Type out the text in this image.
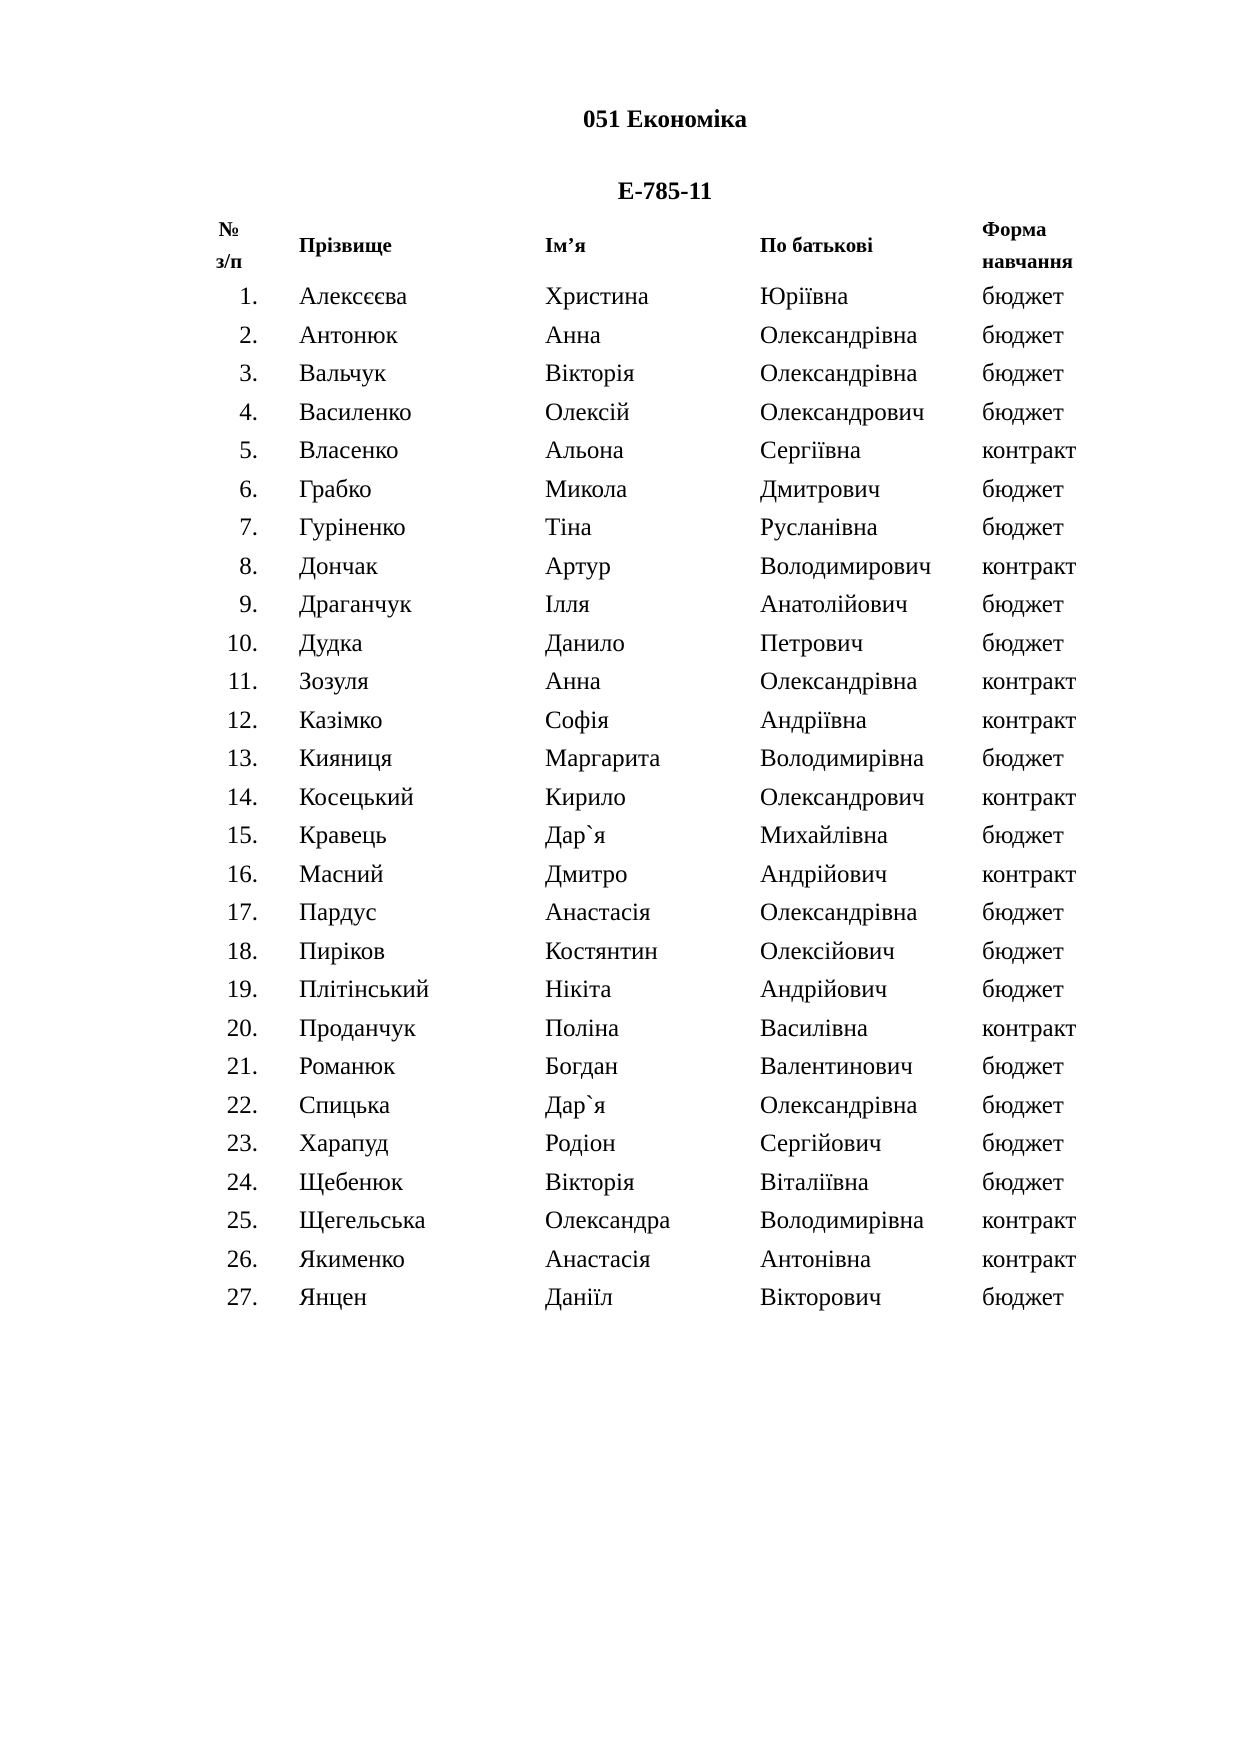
051 Економіка
Е-785-11
№
з/п	Прізвище	Ім’я	По батькові	Форма
навчання

1.	Алексєєва	Христина	Юріївна	бюджет
2.	Антонюк	Анна	Олександрівна	бюджет
3.	Вальчук	Вікторія	Олександрівна	бюджет
4.	Василенко	Олексій	Олександрович	бюджет
5.	Власенко	Альона	Сергіївна	контракт
6.	Грабко	Микола	Дмитрович	бюджет
7.	Гуріненко	Тіна	Русланівна	бюджет
8.	Дончак	Артур	Володимирович	контракт
9.	Драганчук	Ілля	Анатолійович	бюджет
10.	Дудка	Данило	Петрович	бюджет
11.	Зозуля	Анна	Олександрівна	контракт
12.	Казімко	Софія	Андріївна	контракт
13.	Кияниця	Маргарита	Володимирівна	бюджет
14.	Косецький	Кирило	Олександрович	контракт
15.	Кравець	Дар`я	Михайлівна	бюджет
16.	Масний	Дмитро	Андрійович	контракт
17.	Пардус	Анастасія	Олександрівна	бюджет
18.	Пиріков	Костянтин	Олексійович	бюджет
19.	Плітінський	Нікіта	Андрійович	бюджет
20.	Проданчук	Поліна	Василівна	контракт
21.	Романюк	Богдан	Валентинович	бюджет
22.	Спицька	Дар`я	Олександрівна	бюджет
23.	Харапуд	Родіон	Сергійович	бюджет
24.	Щебенюк	Вікторія	Віталіївна	бюджет
25.	Щегельська	Олександра	Володимирівна	контракт
26.	Якименко	Анастасія	Антонівна	контракт
27.	Янцен	Даніїл	Вікторович	бюджет
